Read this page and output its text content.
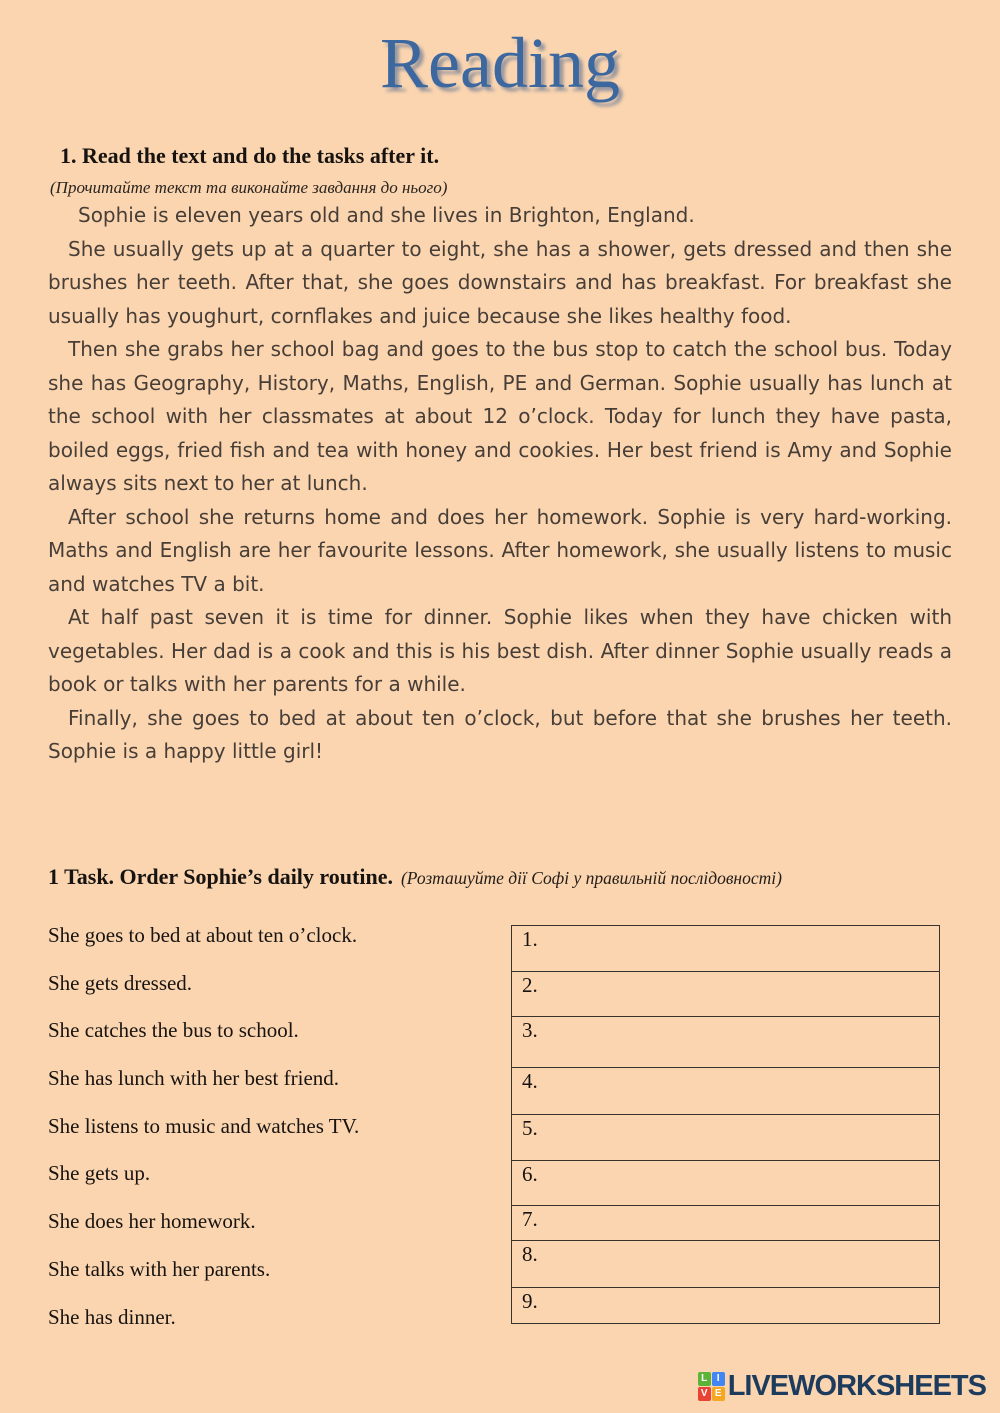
Reading
1. Read the text and do the tasks after it.
(Прочитайте текст та виконайте завдання до нього)

Sophie is eleven years old and she lives in Brighton, England.

She usually gets up at a quarter to eight, she has a shower, gets dressed and then she brushes her teeth. After that, she goes downstairs and has breakfast. For breakfast she usually has youghurt, cornflakes and juice because she likes healthy food.

Then she grabs her school bag and goes to the bus stop to catch the school bus. Today she has Geography, History, Maths, English, PE and German. Sophie usually has lunch at the school with her classmates at about 12 o’clock. Today for lunch they have pasta, boiled eggs, fried fish and tea with honey and cookies. Her best friend is Amy and Sophie always sits next to her at lunch.

After school she returns home and does her homework. Sophie is very hard-working. Maths and English are her favourite lessons. After homework, she usually listens to music and watches TV a bit.

At half past seven it is time for dinner. Sophie likes when they have chicken with vegetables. Her dad is a cook and this is his best dish. After dinner Sophie usually reads a book or talks with her parents for a while.

Finally, she goes to bed at about ten o’clock, but before that she brushes her teeth. Sophie is a happy little girl!

1 Task. Order Sophie’s daily routine. (Розташуйте дії Софі у правильній послідовності)
She goes to bed at about ten o’clock.
She gets dressed.
She catches the bus to school.
She has lunch with her best friend.
She listens to music and watches TV.
She gets up.
She does her homework.
She talks with her parents.
She has dinner.
1.
2.
3.
4.
5.
6.
7.
8.
9.
L I
V E LIVEWORKSHEETS
